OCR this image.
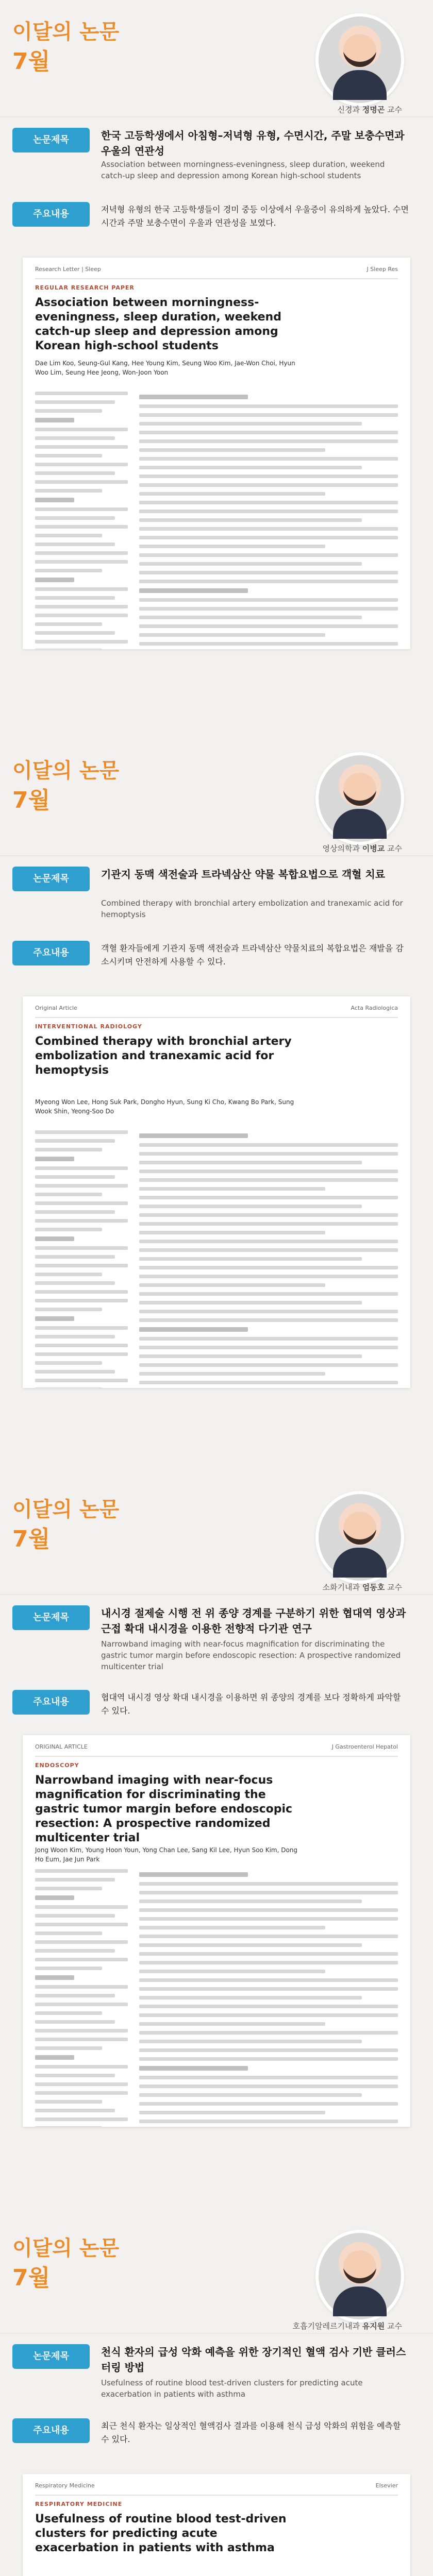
이달의 논문
7월
신경과 정명곤 교수
논문제목	한국 고등학생에서 아침형–저녁형 유형, 수면시간, 주말 보충수면과 우울의 연관성
Association between morningness-eveningness, sleep duration, weekend catch-up sleep and depression among Korean high-school students
주요내용	저녁형 유형의 한국 고등학생들이 경미 중등 이상에서 우울증이 유의하게 높았다. 수면시간과 주말 보충수면이 우울과 연관성을 보였다.
Research Letter | Sleep	J Sleep Res
REGULAR RESEARCH PAPER
Association between morningness-eveningness, sleep duration, weekend catch-up sleep and depression among Korean high-school students
Dae Lim Koo, Seung-Gul Kang, Hee Young Kim, Seung Woo Kim, Jae-Won Choi, Hyun Woo Lim, Seung Hee Jeong, Won-Joon Yoon
이달의 논문
7월
영상의학과 이병교 교수
논문제목	기관지 동맥 색전술과 트라넥삼산 약물 복합요법으로 객혈 치료
Combined therapy with bronchial artery embolization and tranexamic acid for hemoptysis
주요내용	객혈 환자들에게 기관지 동맥 색전술과 트라넥삼산 약물치료의 복합요법은 재발을 감소시키며 안전하게 사용할 수 있다.
Original Article	Acta Radiologica
INTERVENTIONAL RADIOLOGY
Combined therapy with bronchial artery embolization and tranexamic acid for hemoptysis
Myeong Won Lee, Hong Suk Park, Dongho Hyun, Sung Ki Cho, Kwang Bo Park, Sung Wook Shin, Yeong-Soo Do
이달의 논문
7월
소화기내과 엄동호 교수
논문제목	내시경 절제술 시행 전 위 종양 경계를 구분하기 위한 협대역 영상과 근접 확대 내시경을 이용한 전향적 다기관 연구
Narrowband imaging with near-focus magnification for discriminating the gastric tumor margin before endoscopic resection: A prospective randomized multicenter trial
주요내용	협대역 내시경 영상 확대 내시경을 이용하면 위 종양의 경계를 보다 정확하게 파악할 수 있다.
ORIGINAL ARTICLE	J Gastroenterol Hepatol
ENDOSCOPY
Narrowband imaging with near-focus magnification for discriminating the gastric tumor margin before endoscopic resection: A prospective randomized multicenter trial
Jong Woon Kim, Young Hoon Youn, Yong Chan Lee, Sang Kil Lee, Hyun Soo Kim, Dong Ho Eum, Jae Jun Park
이달의 논문
7월
호흡기알레르기내과 유지원 교수
논문제목	천식 환자의 급성 악화 예측을 위한 장기적인 혈액 검사 기반 클러스터링 방법
Usefulness of routine blood test-driven clusters for predicting acute exacerbation in patients with asthma
주요내용	최근 천식 환자는 일상적인 혈액검사 결과를 이용해 천식 급성 악화의 위험을 예측할 수 있다.
Respiratory Medicine	Elsevier
RESPIRATORY MEDICINE
Usefulness of routine blood test-driven clusters for predicting acute exacerbation in patients with asthma
